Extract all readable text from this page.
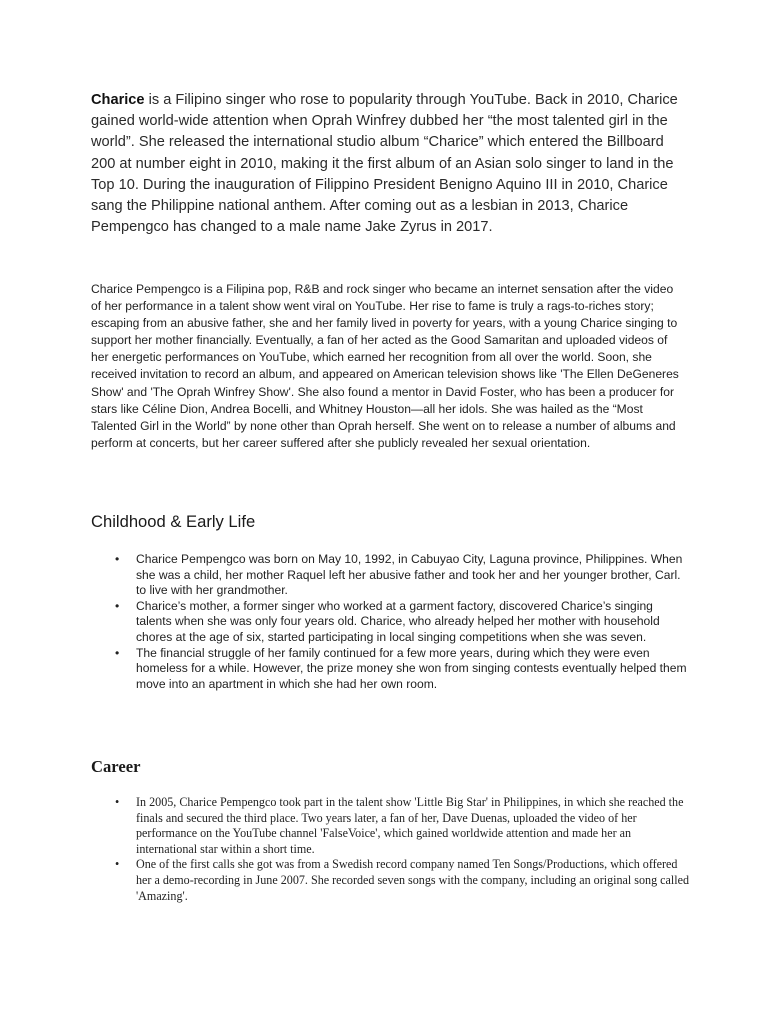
Charice is a Filipino singer who rose to popularity through YouTube. Back in 2010, Charice gained world-wide attention when Oprah Winfrey dubbed her “the most talented girl in the world”. She released the international studio album “Charice” which entered the Billboard 200 at number eight in 2010, making it the first album of an Asian solo singer to land in the Top 10. During the inauguration of Filippino President Benigno Aquino III in 2010, Charice sang the Philippine national anthem. After coming out as a lesbian in 2013, Charice Pempengco has changed to a male name Jake Zyrus in 2017.

Charice Pempengco is a Filipina pop, R&B and rock singer who became an internet sensation after the video of her performance in a talent show went viral on YouTube. Her rise to fame is truly a rags-to-riches story; escaping from an abusive father, she and her family lived in poverty for years, with a young Charice singing to support her mother financially. Eventually, a fan of her acted as the Good Samaritan and uploaded videos of her energetic performances on YouTube, which earned her recognition from all over the world. Soon, she received invitation to record an album, and appeared on American television shows like 'The Ellen DeGeneres Show' and 'The Oprah Winfrey Show'. She also found a mentor in David Foster, who has been a producer for stars like Céline Dion, Andrea Bocelli, and Whitney Houston—all her idols. She was hailed as the “Most Talented Girl in the World” by none other than Oprah herself. She went on to release a number of albums and perform at concerts, but her career suffered after she publicly revealed her sexual orientation.

Childhood & Early Life
• Charice Pempengco was born on May 10, 1992, in Cabuyao City, Laguna province, Philippines. When she was a child, her mother Raquel left her abusive father and took her and her younger brother, Carl. to live with her grandmother.
• Charice’s mother, a former singer who worked at a garment factory, discovered Charice’s singing talents when she was only four years old. Charice, who already helped her mother with household chores at the age of six, started participating in local singing competitions when she was seven.
• The financial struggle of her family continued for a few more years, during which they were even homeless for a while. However, the prize money she won from singing contests eventually helped them move into an apartment in which she had her own room.
Career
• In 2005, Charice Pempengco took part in the talent show 'Little Big Star' in Philippines, in which she reached the finals and secured the third place. Two years later, a fan of her, Dave Duenas, uploaded the video of her performance on the YouTube channel 'FalseVoice', which gained worldwide attention and made her an international star within a short time.
• One of the first calls she got was from a Swedish record company named Ten Songs/Productions, which offered her a demo-recording in June 2007. She recorded seven songs with the company, including an original song called 'Amazing'.
